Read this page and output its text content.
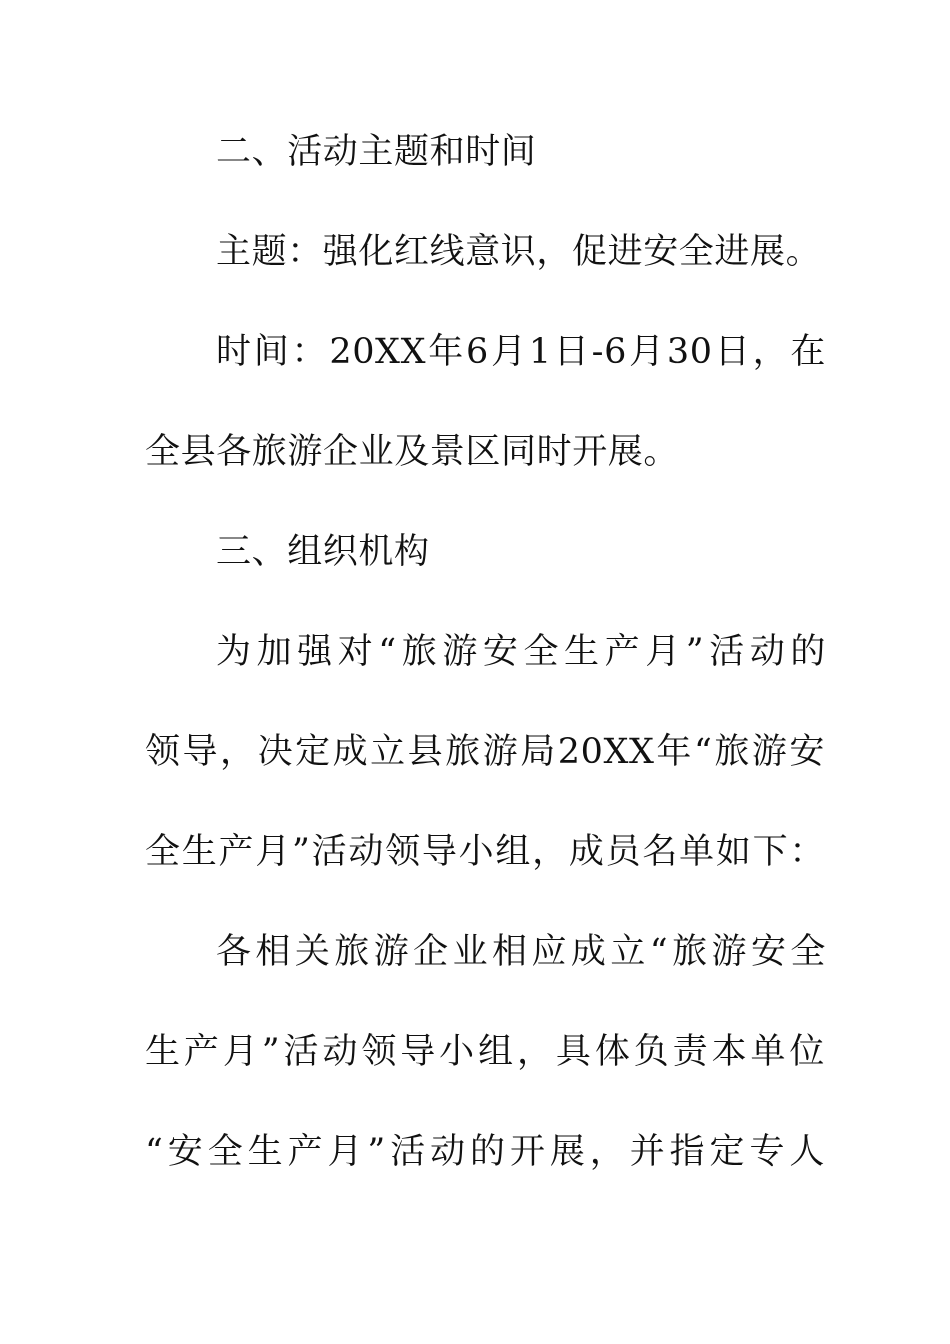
二、活动主题和时间
主题：强化红线意识，促进安全进展。
时间：20XX年6月1日-6月30日，在
全县各旅游企业及景区同时开展。
三、组织机构
为加强对“旅游安全生产月”活动的
领导，决定成立县旅游局20XX年“旅游安
全生产月”活动领导小组，成员名单如下：
各相关旅游企业相应成立“旅游安全
生产月”活动领导小组，具体负责本单位
“安全生产月”活动的开展，并指定专人
